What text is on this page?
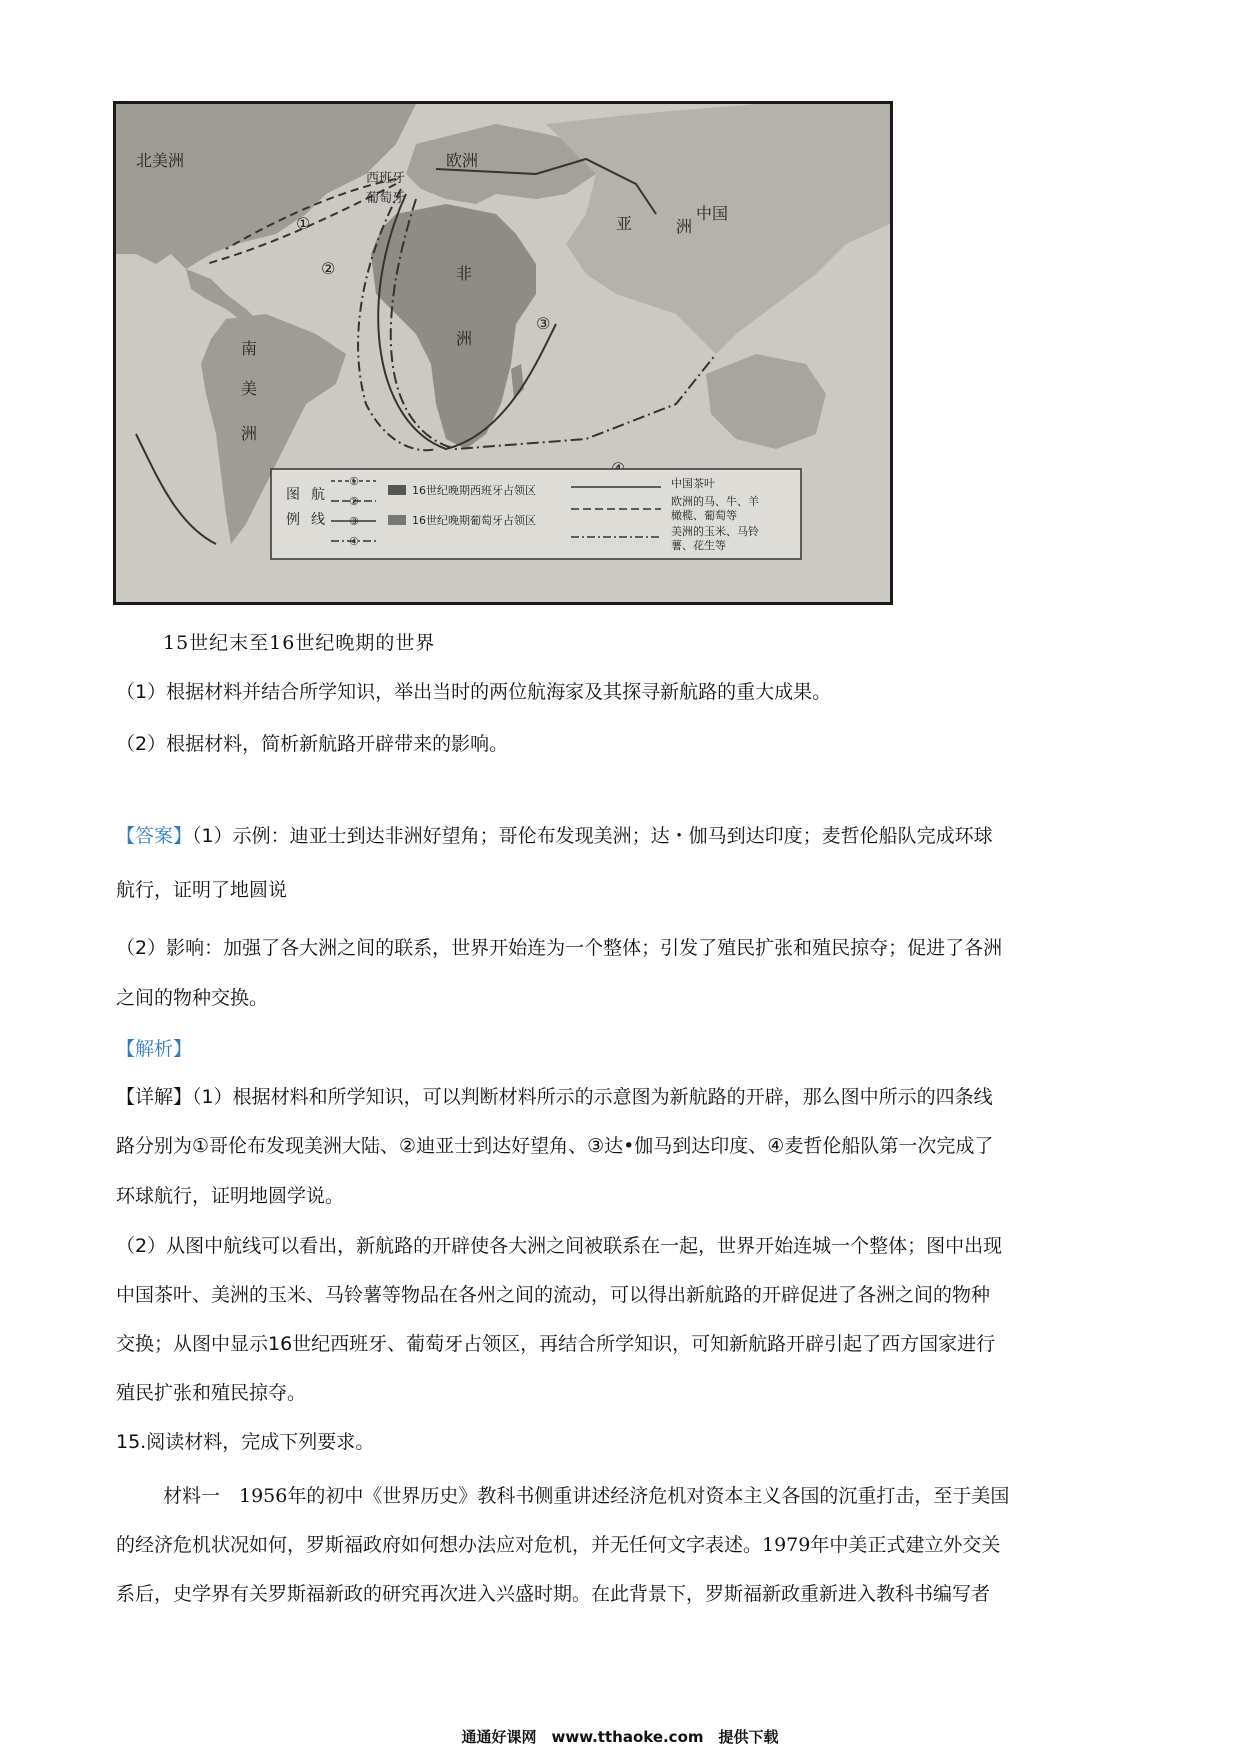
北美洲
西班牙
葡萄牙
欧洲
亚	洲
中国
非
洲
南
美
洲
①
②
③
图
例
航
线
①
②
③
④
16世纪晚期西班牙占领区
16世纪晚期葡萄牙占领区
中国茶叶
欧洲的马、牛、羊
橄榄、葡萄等
美洲的玉米、马铃
薯、花生等
15世纪末至16世纪晚期的世界
（1）根据材料并结合所学知识，举出当时的两位航海家及其探寻新航路的重大成果。
（2）根据材料，简析新航路开辟带来的影响。
【答案】（1）示例：迪亚士到达非洲好望角；哥伦布发现美洲；达・伽马到达印度；麦哲伦船队完成环球
航行，证明了地圆说
（2）影响：加强了各大洲之间的联系，世界开始连为一个整体；引发了殖民扩张和殖民掠夺；促进了各洲
之间的物种交换。
【解析】
【详解】（1）根据材料和所学知识，可以判断材料所示的示意图为新航路的开辟，那么图中所示的四条线
路分别为①哥伦布发现美洲大陆、②迪亚士到达好望角、③达•伽马到达印度、④麦哲伦船队第一次完成了
环球航行，证明地圆学说。
（2）从图中航线可以看出，新航路的开辟使各大洲之间被联系在一起，世界开始连城一个整体；图中出现
中国茶叶、美洲的玉米、马铃薯等物品在各州之间的流动，可以得出新航路的开辟促进了各洲之间的物种
交换；从图中显示16世纪西班牙、葡萄牙占领区，再结合所学知识，可知新航路开辟引起了西方国家进行
殖民扩张和殖民掠夺。
15.阅读材料，完成下列要求。
材料一　1956年的初中《世界历史》教科书侧重讲述经济危机对资本主义各国的沉重打击，至于美国
的经济危机状况如何，罗斯福政府如何想办法应对危机，并无任何文字表述。1979年中美正式建立外交关
系后，史学界有关罗斯福新政的研究再次进入兴盛时期。在此背景下，罗斯福新政重新进入教科书编写者
通通好课网　www.tthaoke.com　提供下载
